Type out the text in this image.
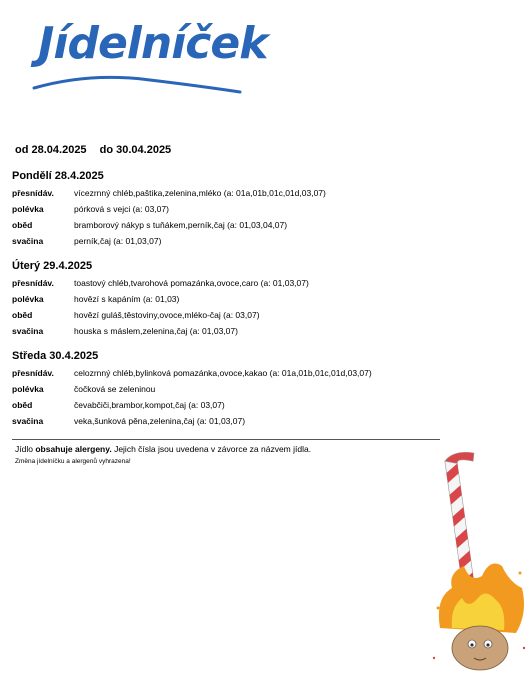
Jídelníček
od 28.04.2025 do 30.04.2025
Pondělí 28.4.2025
přesnídáv.	vícezrnný chléb,paštika,zelenina,mléko (a: 01a,01b,01c,01d,03,07)
polévka	pórková s vejci (a: 03,07)
oběd	bramborový nákyp s tuňákem,perník,čaj (a: 01,03,04,07)
svačina	perník,čaj (a: 01,03,07)
Úterý 29.4.2025
přesnídáv.	toastový chléb,tvarohová pomazánka,ovoce,caro (a: 01,03,07)
polévka	hovězí s kapáním (a: 01,03)
oběd	hovězí guláš,těstoviny,ovoce,mléko-čaj (a: 03,07)
svačina	houska s máslem,zelenina,čaj (a: 01,03,07)
Středa 30.4.2025
přesnídáv.	celozrnný chléb,bylinková pomazánka,ovoce,kakao (a: 01a,01b,01c,01d,03,07)
polévka	čočková se zeleninou
oběd	čevabčiči,brambor,kompot,čaj (a: 03,07)
svačina	veka,šunková pěna,zelenina,čaj (a: 01,03,07)
Jídlo obsahuje alergeny. Jejich čísla jsou uvedena v závorce za názvem jídla.
Změna jídelníčku a alergenů vyhrazena!
